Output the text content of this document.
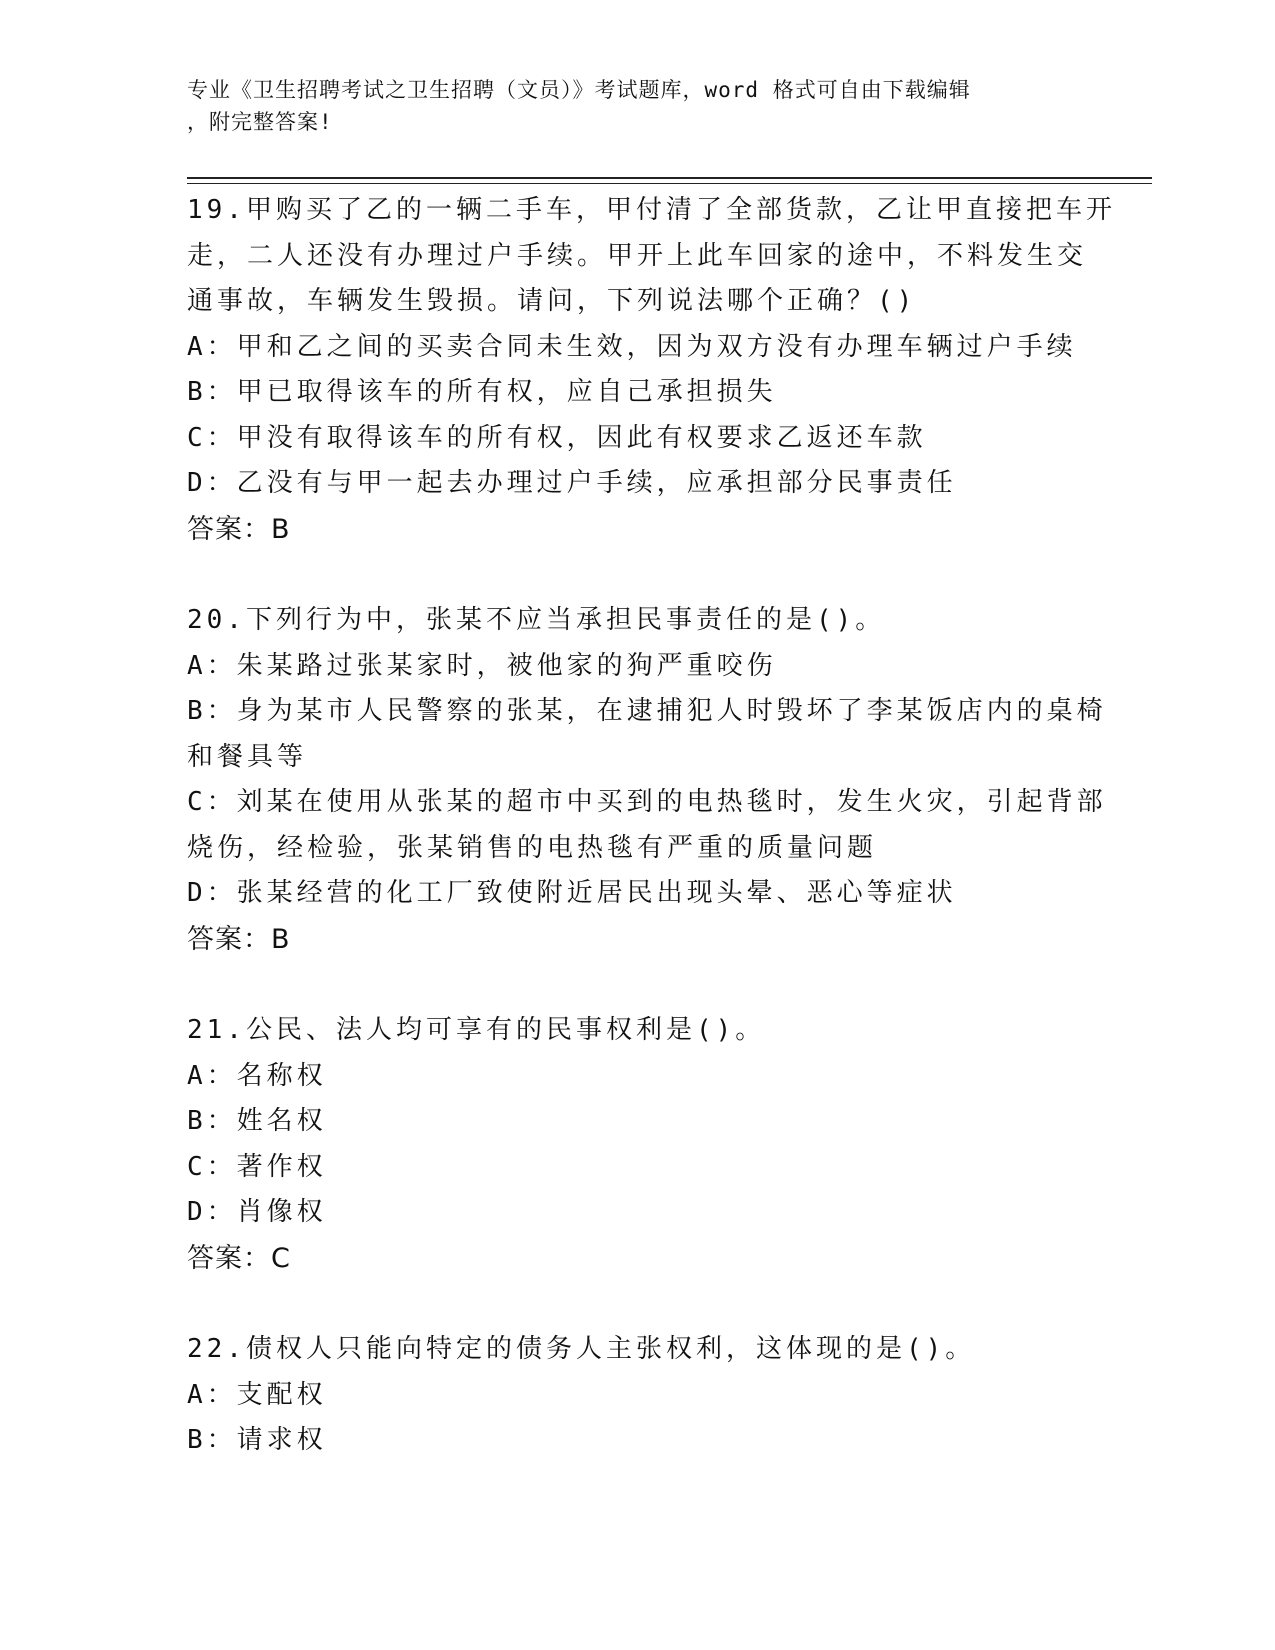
专业《卫生招聘考试之卫生招聘（文员）》考试题库，word 格式可自由下载编辑
，附完整答案!
19.甲购买了乙的一辆二手车，甲付清了全部货款，乙让甲直接把车开
走，二人还没有办理过户手续。甲开上此车回家的途中，不料发生交
通事故，车辆发生毁损。请问，下列说法哪个正确？()
A：甲和乙之间的买卖合同未生效，因为双方没有办理车辆过户手续
B：甲已取得该车的所有权，应自己承担损失
C：甲没有取得该车的所有权，因此有权要求乙返还车款
D：乙没有与甲一起去办理过户手续，应承担部分民事责任
答案：B
20.下列行为中，张某不应当承担民事责任的是()。
A：朱某路过张某家时，被他家的狗严重咬伤
B：身为某市人民警察的张某，在逮捕犯人时毁坏了李某饭店内的桌椅
和餐具等
C：刘某在使用从张某的超市中买到的电热毯时，发生火灾，引起背部
烧伤，经检验，张某销售的电热毯有严重的质量问题
D：张某经营的化工厂致使附近居民出现头晕、恶心等症状
答案：B
21.公民、法人均可享有的民事权利是()。
A：名称权
B：姓名权
C：著作权
D：肖像权
答案：C
22.债权人只能向特定的债务人主张权利，这体现的是()。
A：支配权
B：请求权
